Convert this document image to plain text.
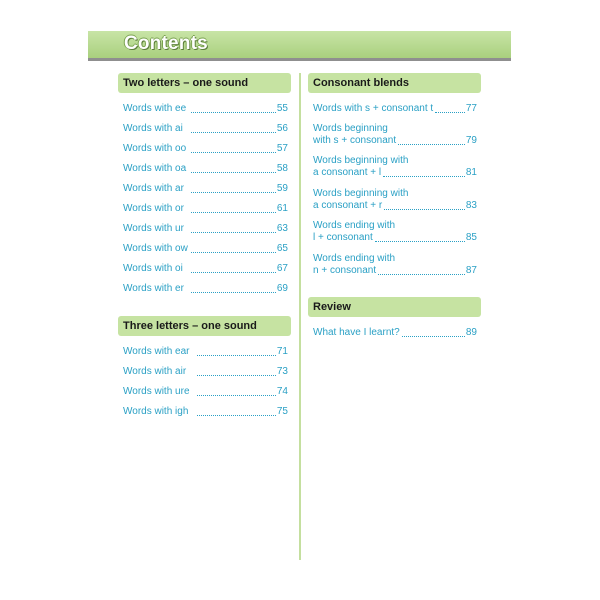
Contents
Two letters – one sound
Words with ee	55
Words with ai	56
Words with oo	57
Words with oa	58
Words with ar	59
Words with or	61
Words with ur	63
Words with ow	65
Words with oi	67
Words with er	69
Three letters – one sound
Words with ear	71
Words with air	73
Words with ure	74
Words with igh	75
Consonant blends
Words with s + consonant t	77
Words beginning
with s + consonant	79
Words beginning with
a consonant + l	81
Words beginning with
a consonant + r	83
Words ending with
l + consonant	85
Words ending with
n + consonant	87
Review
What have I learnt?	89
